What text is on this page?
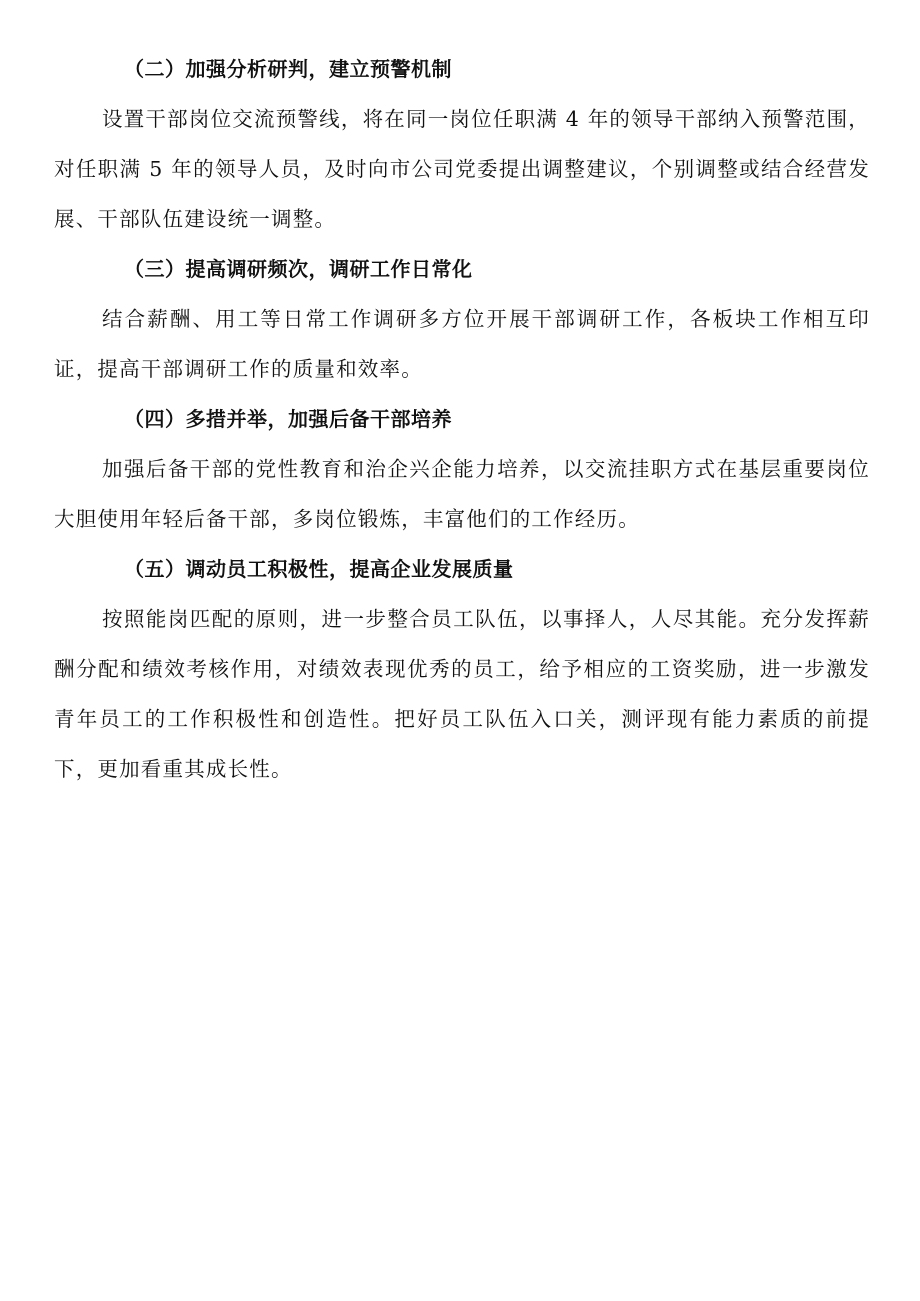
（二）加强分析研判，建立预警机制

设置干部岗位交流预警线，将在同一岗位任职满 4 年的领导干部纳入预警范围，对任职满 5 年的领导人员，及时向市公司党委提出调整建议，个别调整或结合经营发展、干部队伍建设统一调整。

（三）提高调研频次，调研工作日常化

结合薪酬、用工等日常工作调研多方位开展干部调研工作，各板块工作相互印证，提高干部调研工作的质量和效率。

（四）多措并举，加强后备干部培养

加强后备干部的党性教育和治企兴企能力培养，以交流挂职方式在基层重要岗位大胆使用年轻后备干部，多岗位锻炼，丰富他们的工作经历。

（五）调动员工积极性，提高企业发展质量

按照能岗匹配的原则，进一步整合员工队伍，以事择人，人尽其能。充分发挥薪酬分配和绩效考核作用，对绩效表现优秀的员工，给予相应的工资奖励，进一步激发青年员工的工作积极性和创造性。把好员工队伍入口关，测评现有能力素质的前提下，更加看重其成长性。
